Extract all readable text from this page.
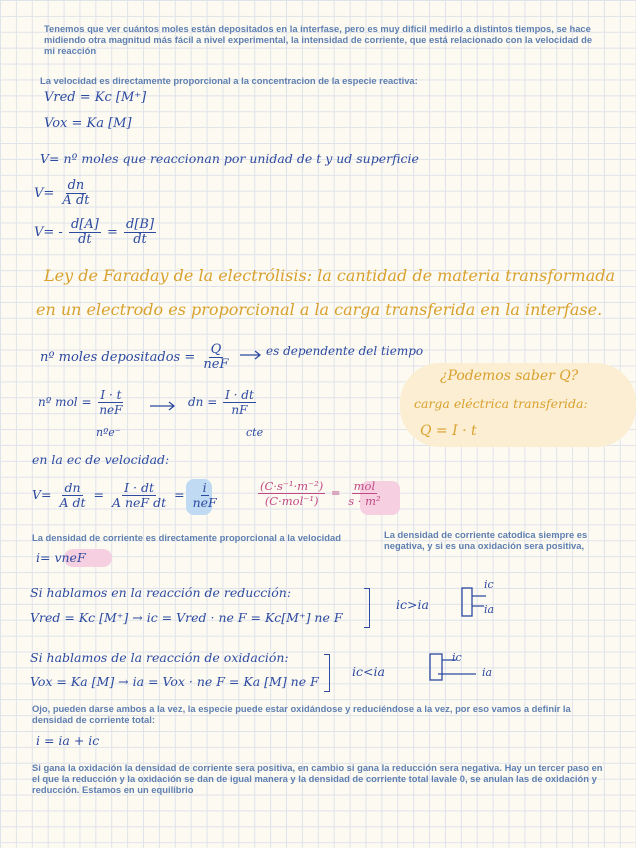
Tenemos que ver cuántos moles están depositados en la interfase, pero es muy difícil medirlo a distintos tiempos, se hace midiendo otra magnitud más fácil a nivel experimental, la intensidad de corriente, que está relacionado con la velocidad de mi reacción
La velocidad es directamente proporcional a la concentracion de la especie reactiva:
Vred = Kc [M⁺]
Vox = Ka [M]
V= nº moles que reaccionan por unidad de t y ud superficie
$V= \frac{dn}{\text{A dt}}$
$V= - \frac{d[A]}{dt} = \frac{d[B]}{dt}$
Ley de Faraday de la electrólisis: la cantidad de materia transformada
en un electrodo es proporcional a la carga transferida en la interfase.
nº moles depositados = $\frac{Q}{\text{neF}}$	es dependente del tiempo
¿Podemos saber Q?
carga eléctrica transferida:
Q = I · t
nº mol = $\frac{I \cdot t}{\text{neF}}$	dn = $\frac{I \cdot dt}{nF}$
nºe⁻	cte
en la ec de velocidad:
$V= \frac{dn}{\text{A dt}} = \frac{I \cdot dt}{\text{A neF dt}} = \frac{i}{\text{neF}}$	$\frac{\text{(C·s⁻¹·m⁻²)}}{\text{(C·mol⁻¹)}} = \frac{\text{mol}}{\text{s · m²}}$
La densidad de corriente es directamente proporcional a la velocidad	La densidad de corriente catodica siempre es negativa, y si es una oxidación sera positiva,
i= vneF
Si hablamos en la reacción de reducción:
Vred = Kc [M⁺] → ic = Vred · ne F = Kc[M⁺] ne F
ic>ia
ic
ia
Si hablamos de la reacción de oxidación:
Vox = Ka [M] → ia = Vox · ne F = Ka [M] ne F
ic<ia
ic
ia
Ojo, pueden darse ambos a la vez, la especie puede estar oxidándose y reduciéndose a la vez, por eso vamos a definir la densidad de corriente total:
i = ia + ic
Si gana la oxidación la densidad de corriente sera positiva, en cambio si gana la reducción sera negativa. Hay un tercer paso en el que la reducción y la oxidación se dan de igual manera y la densidad de corriente total lavale 0, se anulan las de oxidación y reducción. Estamos en un equilibrio
